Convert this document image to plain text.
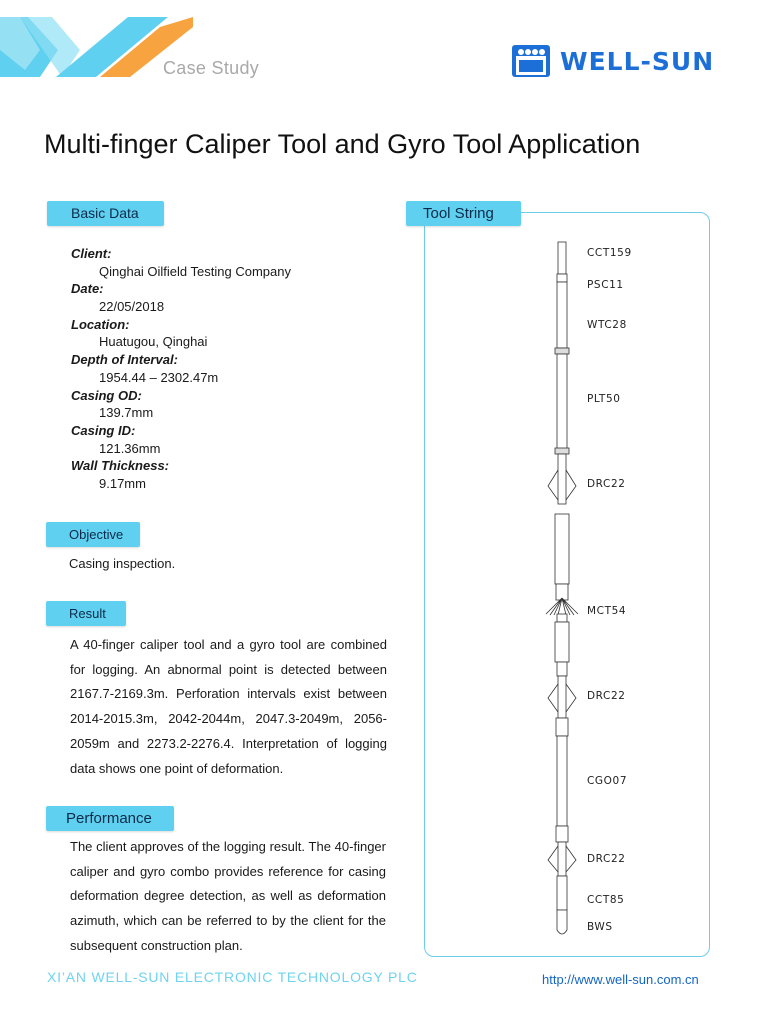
Case Study	WELL-SUN
Multi-finger Caliper Tool and Gyro Tool Application
Basic Data
Client:
Qinghai Oilfield Testing Company
Date:
22/05/2018
Location:
Huatugou, Qinghai
Depth of Interval:
1954.44 – 2302.47m
Casing OD:
139.7mm
Casing ID:
121.36mm
Wall Thickness:
9.17mm
Objective
Casing inspection.
Result
A 40-finger caliper tool and a gyro tool are combined for logging. An abnormal point is detected between 2167.7-2169.3m. Perforation intervals exist between 2014-2015.3m, 2042-2044m, 2047.3-2049m, 2056-2059m and 2273.2-2276.4. Interpretation of logging data shows one point of deformation.
Performance
The client approves of the logging result. The 40-finger caliper and gyro combo provides reference for casing deformation degree detection, as well as deformation azimuth, which can be referred to by the client for the subsequent construction plan.
Tool String
CCT159
PSC11
WTC28
PLT50
DRC22
MCT54
DRC22
CGO07
DRC22
CCT85
BWS
XI’AN WELL-SUN ELECTRONIC TECHNOLOGY PLC	http://www.well-sun.com.cn
